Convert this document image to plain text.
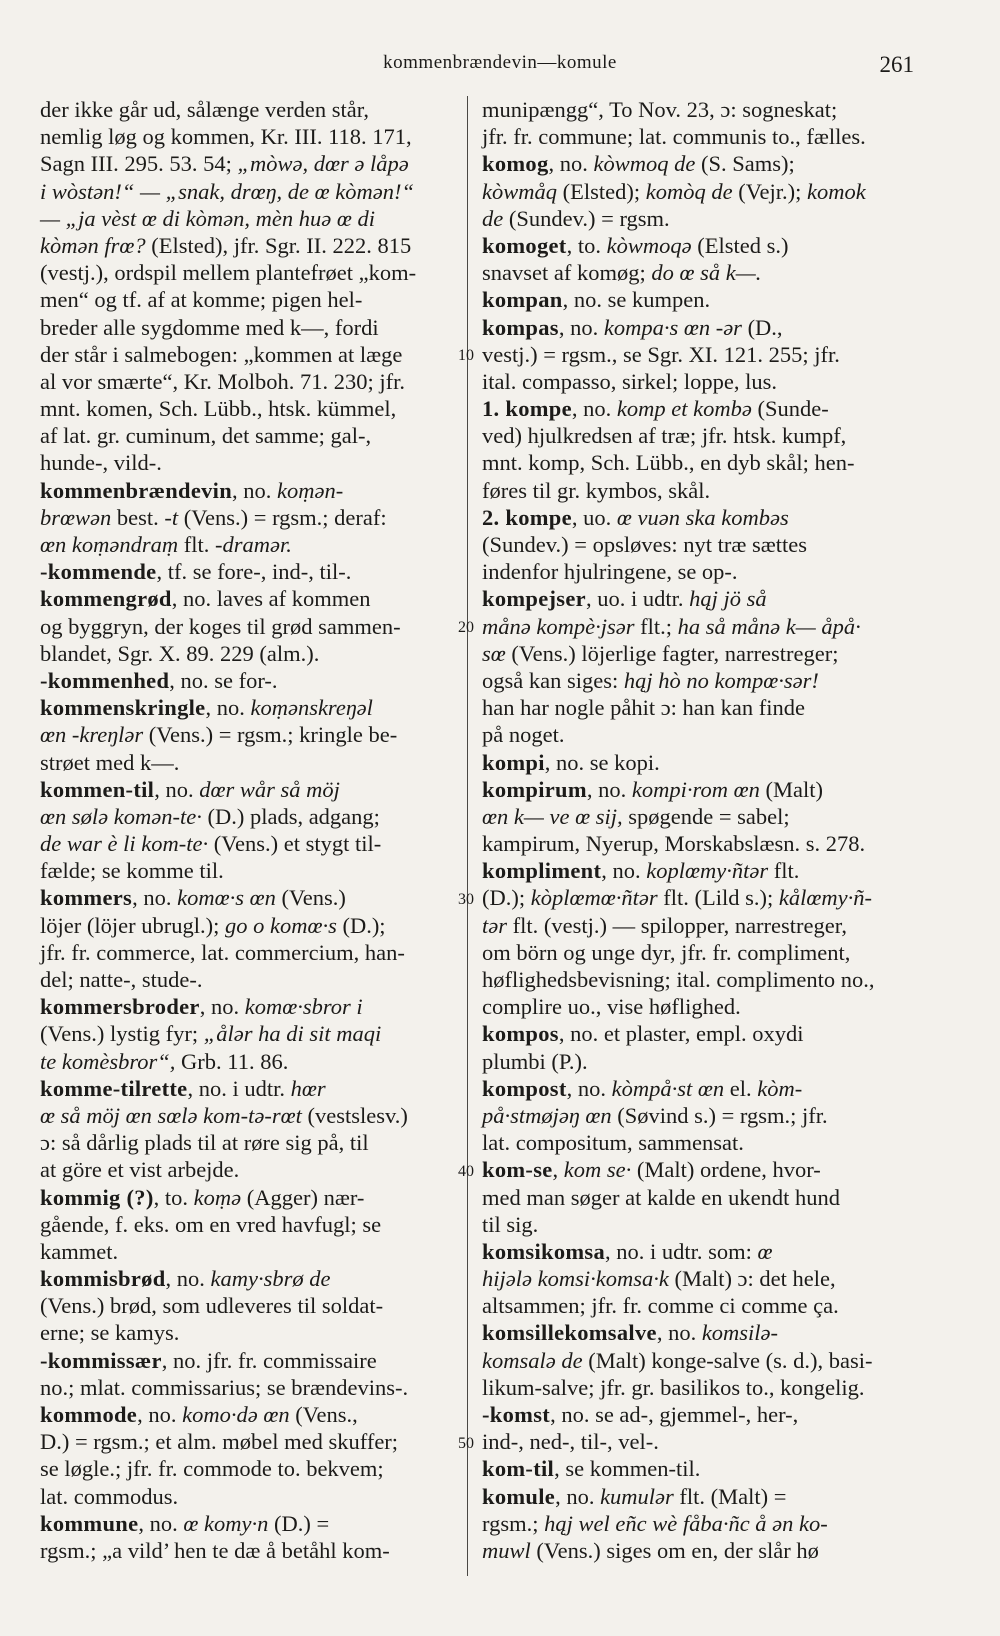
kommenbrændevin—komule	261
der ikke går ud, sålænge verden står,
nemlig løg og kommen, Kr. III. 118. 171,
Sagn III. 295. 53. 54; „mòwə, dœr ə låpə
i wòstən!“ — „snak, drœŋ, de œ kòmən!“
— „ja vèst œ di kòmən, mèn huə œ di
kòmən frœ? (Elsted), jfr. Sgr. II. 222. 815
(vestj.), ordspil mellem plantefrøet „kom-
men“ og tf. af at komme; pigen hel-
breder alle sygdomme med k—, fordi
der står i salmebogen: „kommen at læge
al vor smærte“, Kr. Molboh. 71. 230; jfr.
mnt. komen, Sch. Lübb., htsk. kümmel,
af lat. gr. cuminum, det samme; gal-,
hunde-, vild-.
kommenbrændevin, no. koṃən-
brœwən best. -t (Vens.) = rgsm.; deraf:
œn koṃəndraṃ flt. -dramər.
-kommende, tf. se fore-, ind-, til-.
kommengrød, no. laves af kommen
og byggryn, der koges til grød sammen-
blandet, Sgr. X. 89. 229 (alm.).
-kommenhed, no. se for-.
kommenskringle, no. koṃənskreŋəl
œn -kreŋlər (Vens.) = rgsm.; kringle be-
strøet med k—.
kommen-til, no. dœr wår så möj
œn sølə komən-te· (D.) plads, adgang;
de war è li kom-te· (Vens.) et stygt til-
fælde; se komme til.
kommers, no. komœ·s œn (Vens.)
löjer (löjer ubrugl.); go o komœ·s (D.);
jfr. fr. commerce, lat. commercium, han-
del; natte-, stude-.
kommersbroder, no. komœ·sbror i
(Vens.) lystig fyr; „ålər ha di sit maqi
te komèsbror“, Grb. 11. 86.
komme-tilrette, no. i udtr. hœr
œ så möj œn sœlə kom-tə-rœt (vestslesv.)
ɔ: så dårlig plads til at røre sig på, til
at göre et vist arbejde.
kommig (?), to. koṃə (Agger) nær-
gående, f. eks. om en vred havfugl; se
kammet.
kommisbrød, no. kamy·sbrø de
(Vens.) brød, som udleveres til soldat-
erne; se kamys.
-kommissær, no. jfr. fr. commissaire
no.; mlat. commissarius; se brændevins-.
kommode, no. komo·də œn (Vens.,
D.) = rgsm.; et alm. møbel med skuffer;
se løgle.; jfr. fr. commode to. bekvem;
lat. commodus.
kommune, no. œ komy·n (D.) =
rgsm.; „a vild’ hen te dæ å betåhl kom-
munipængg“, To Nov. 23, ɔ: sogneskat;
jfr. fr. commune; lat. communis to., fælles.
komog, no. kòwmoq de (S. Sams);
kòwmåq (Elsted); komòq de (Vejr.); komok
de (Sundev.) = rgsm.
komoget, to. kòwmoqə (Elsted s.)
snavset af komøg; do œ så k—.
kompan, no. se kumpen.
kompas, no. kompa·s œn -ər (D.,
vestj.) = rgsm., se Sgr. XI. 121. 255; jfr.
ital. compasso, sirkel; loppe, lus.
1. kompe, no. komp et kombə (Sunde-
ved) hjulkredsen af træ; jfr. htsk. kumpf,
mnt. komp, Sch. Lübb., en dyb skål; hen-
føres til gr. kymbos, skål.
2. kompe, uo. œ vuən ska kombəs
(Sundev.) = opsløves: nyt træ sættes
indenfor hjulringene, se op-.
kompejser, uo. i udtr. hąj jö så
månə kompè·jsər flt.; ha så månə k— åpå·
sœ (Vens.) löjerlige fagter, narrestreger;
også kan siges: hąj hò no kompœ·sər!
han har nogle påhit ɔ: han kan finde
på noget.
kompi, no. se kopi.
kompirum, no. kompi·rom œn (Malt)
œn k— ve œ sij, spøgende = sabel;
kampirum, Nyerup, Morskabslæsn. s. 278.
kompliment, no. koplœmy·ñtər flt.
(D.); kòplœmœ·ñtər flt. (Lild s.); kålœmy·ñ-
tər flt. (vestj.) — spilopper, narrestreger,
om börn og unge dyr, jfr. fr. compliment,
høflighedsbevisning; ital. complimento no.,
complire uo., vise høflighed.
kompos, no. et plaster, empl. oxydi
plumbi (P.).
kompost, no. kòmpå·st œn el. kòm-
på·stmøjəŋ œn (Søvind s.) = rgsm.; jfr.
lat. compositum, sammensat.
kom-se, kom se· (Malt) ordene, hvor-
med man søger at kalde en ukendt hund
til sig.
komsikomsa, no. i udtr. som: œ
hijələ komsi·komsa·k (Malt) ɔ: det hele,
altsammen; jfr. fr. comme ci comme ça.
komsillekomsalve, no. komsilə-
komsalə de (Malt) konge-salve (s. d.), basi-
likum-salve; jfr. gr. basilikos to., kongelig.
-komst, no. se ad-, gjemmel-, her-,
ind-, ned-, til-, vel-.
kom-til, se kommen-til.
komule, no. kumulər flt. (Malt) =
rgsm.; hąj wel eñc wè fåba·ñc å ən ko-
muwl (Vens.) siges om en, der slår hø
10
20
30
40
50
